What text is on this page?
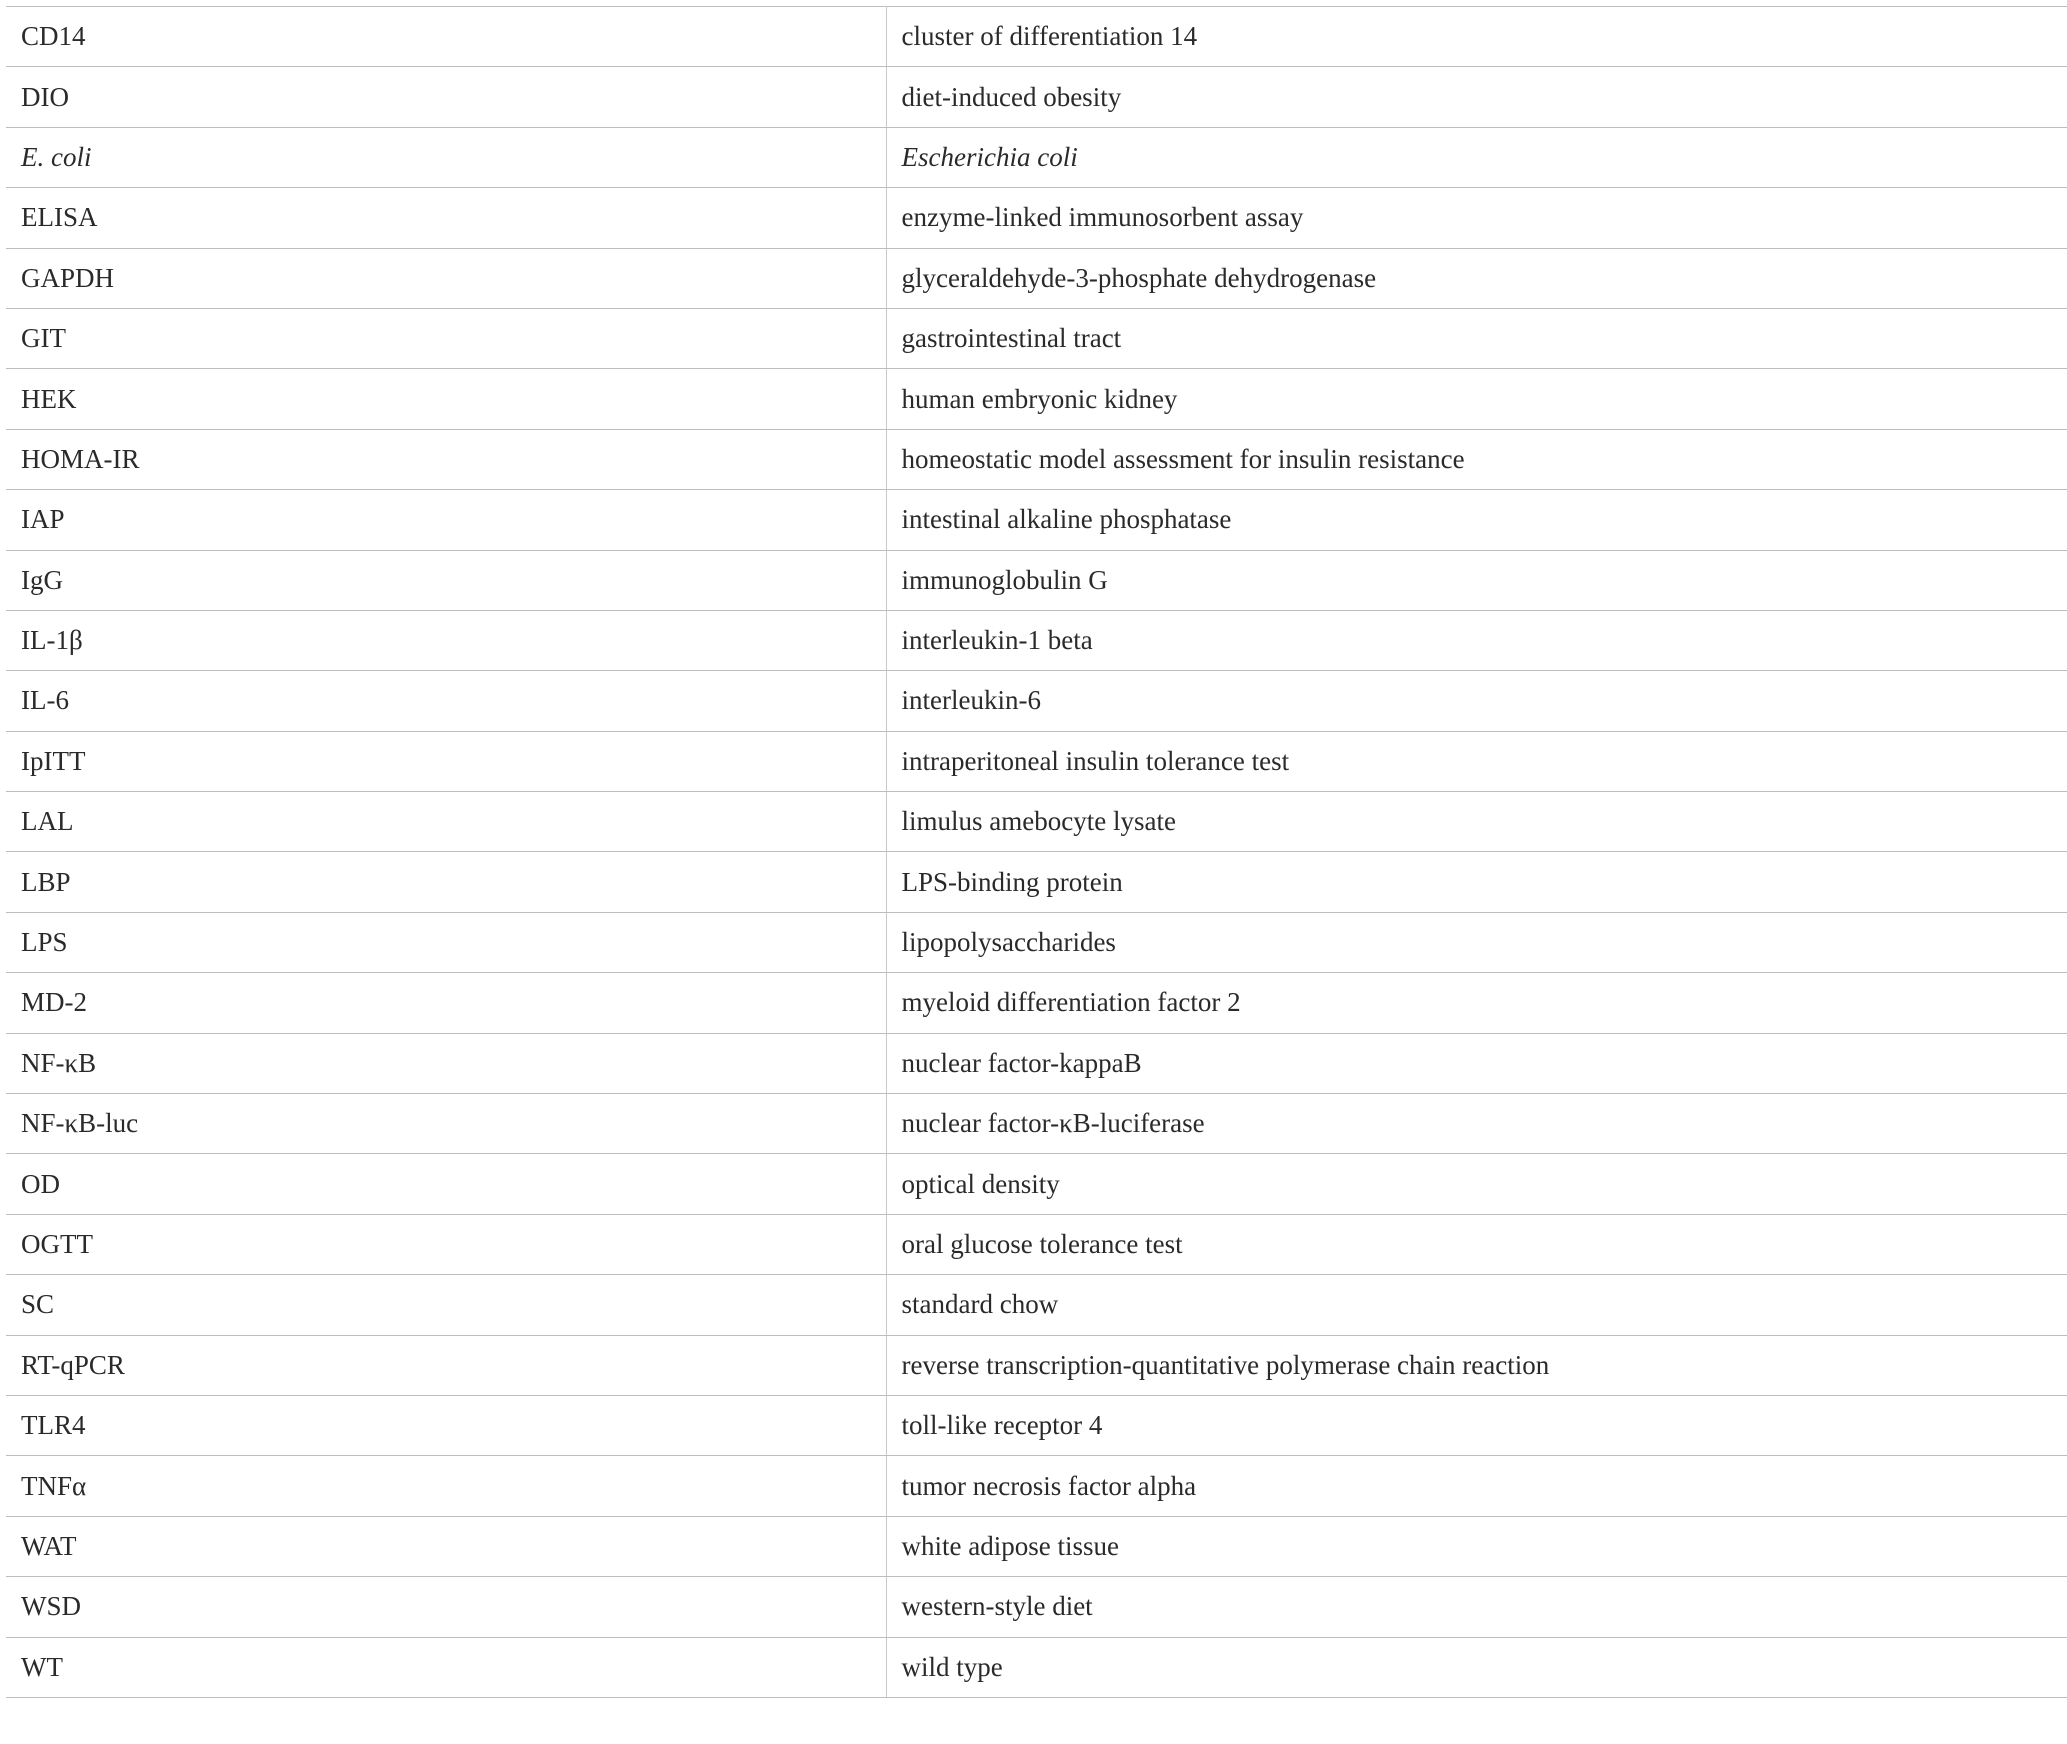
CD14	cluster of differentiation 14
DIO	diet-induced obesity
E. coli	Escherichia coli
ELISA	enzyme-linked immunosorbent assay
GAPDH	glyceraldehyde-3-phosphate dehydrogenase
GIT	gastrointestinal tract
HEK	human embryonic kidney
HOMA-IR	homeostatic model assessment for insulin resistance
IAP	intestinal alkaline phosphatase
IgG	immunoglobulin G
IL-1β	interleukin-1 beta
IL-6	interleukin-6
IpITT	intraperitoneal insulin tolerance test
LAL	limulus amebocyte lysate
LBP	LPS-binding protein
LPS	lipopolysaccharides
MD-2	myeloid differentiation factor 2
NF-κB	nuclear factor-kappaB
NF-κB-luc	nuclear factor-κB-luciferase
OD	optical density
OGTT	oral glucose tolerance test
SC	standard chow
RT-qPCR	reverse transcription-quantitative polymerase chain reaction
TLR4	toll-like receptor 4
TNFα	tumor necrosis factor alpha
WAT	white adipose tissue
WSD	western-style diet
WT	wild type
